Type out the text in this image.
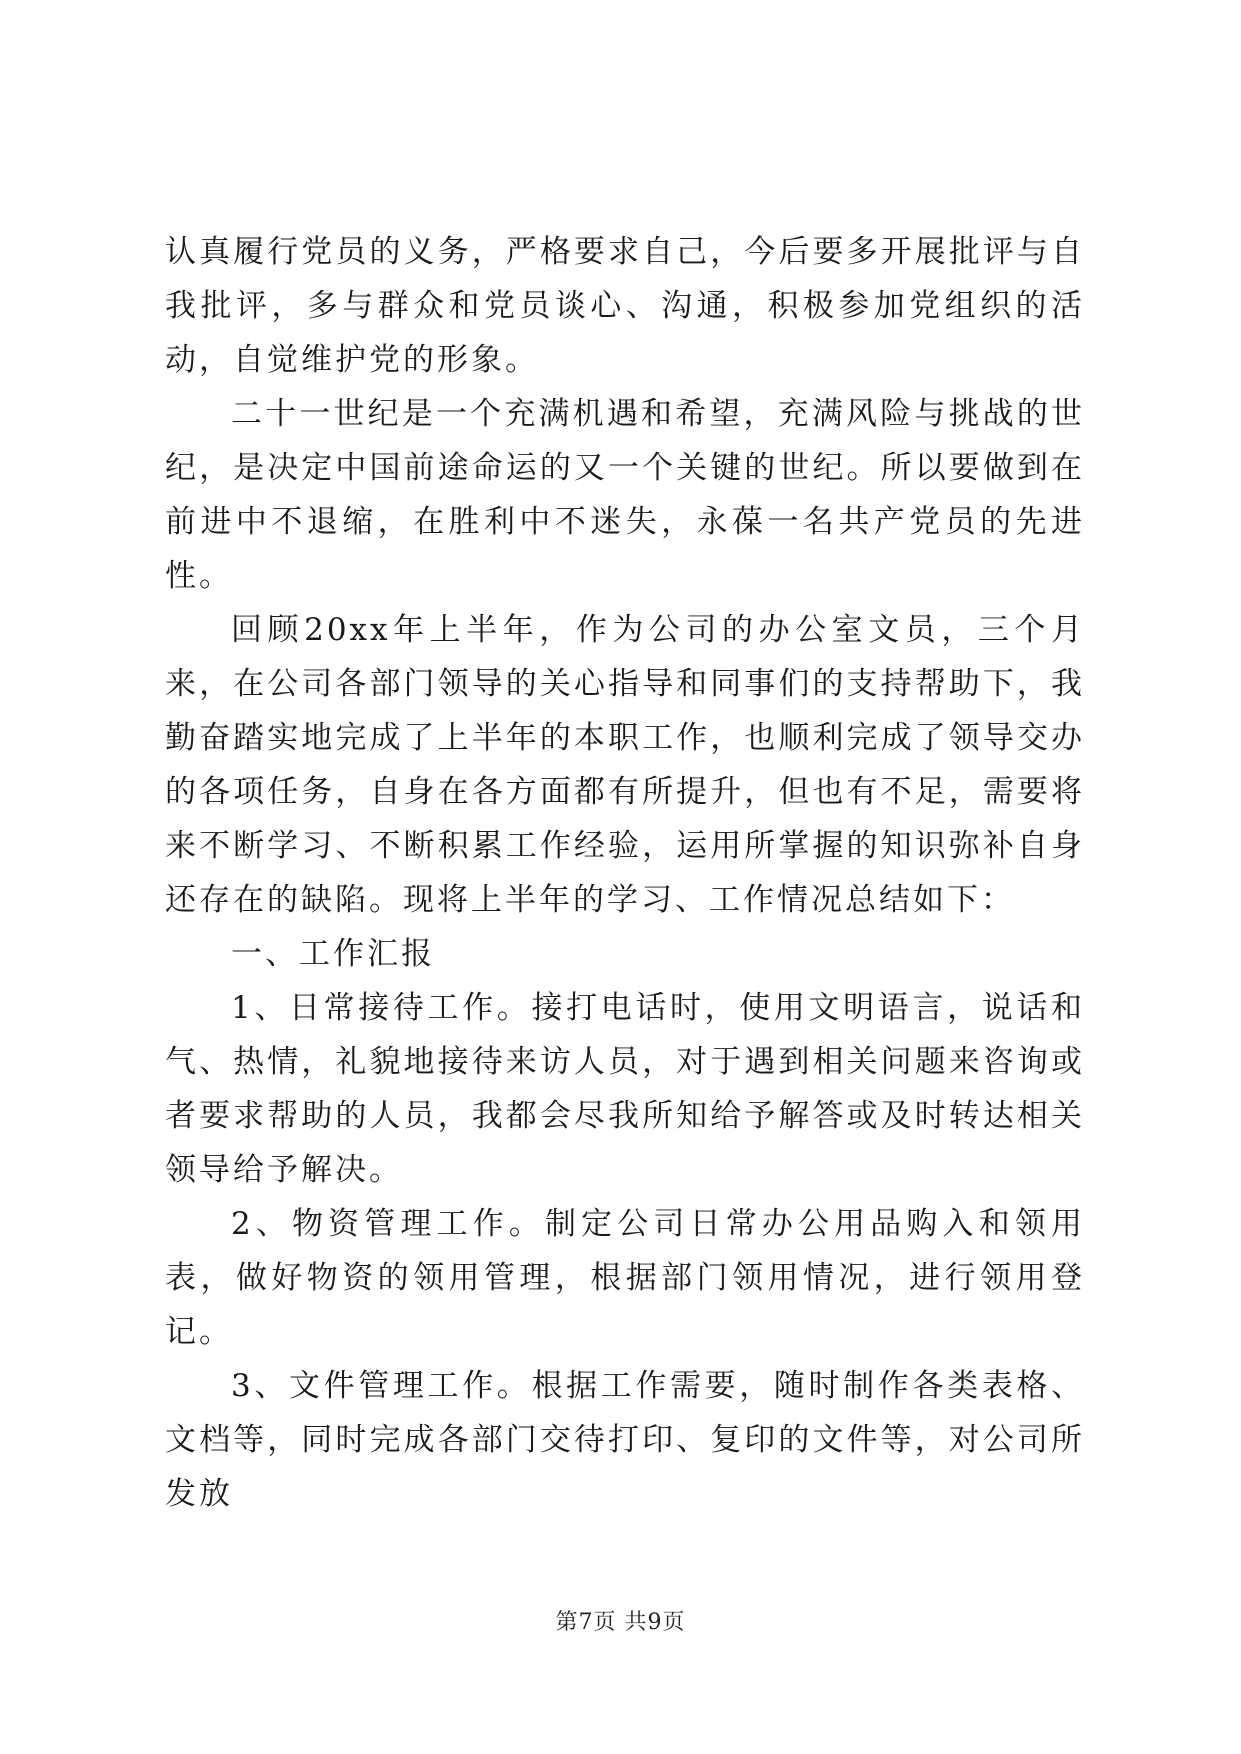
认真履行党员的义务，严格要求自己，今后要多开展批评与自我批评，多与群众和党员谈心、沟通，积极参加党组织的活动，自觉维护党的形象。

二十一世纪是一个充满机遇和希望，充满风险与挑战的世纪，是决定中国前途命运的又一个关键的世纪。所以要做到在前进中不退缩，在胜利中不迷失，永葆一名共产党员的先进性。

回顾20xx年上半年，作为公司的办公室文员，三个月来，在公司各部门领导的关心指导和同事们的支持帮助下，我勤奋踏实地完成了上半年的本职工作，也顺利完成了领导交办的各项任务，自身在各方面都有所提升，但也有不足，需要将来不断学习、不断积累工作经验，运用所掌握的知识弥补自身还存在的缺陷。现将上半年的学习、工作情况总结如下：

一、工作汇报

1、日常接待工作。接打电话时，使用文明语言，说话和气、热情，礼貌地接待来访人员，对于遇到相关问题来咨询或者要求帮助的人员，我都会尽我所知给予解答或及时转达相关领导给予解决。

2、物资管理工作。制定公司日常办公用品购入和领用表，做好物资的领用管理，根据部门领用情况，进行领用登记。

3、文件管理工作。根据工作需要，随时制作各类表格、文档等，同时完成各部门交待打印、复印的文件等，对公司所发放

第7页 共9页
